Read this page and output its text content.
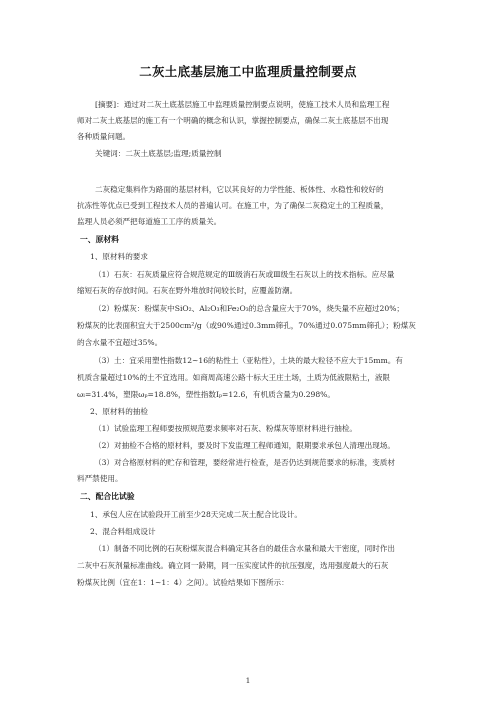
二灰土底基层施工中监理质量控制要点
[摘要]：通过对二灰土底基层施工中监理质量控制要点说明，使施工技术人员和监理工程
师对二灰土底基层的施工有一个明确的概念和认识，掌握控制要点，确保二灰土底基层不出现
各种质量问题。
关键词：二灰土底基层;监理;质量控制
二灰稳定集料作为路面的基层材料，它以其良好的力学性能、板体性、水稳性和较好的
抗冻性等优点已受到工程技术人员的普遍认可。在施工中，为了确保二灰稳定土的工程质量，
监理人员必须严把每道施工工序的质量关。
一、原材料
1、原材料的要求
（1）石灰：石灰质量应符合规范规定的Ⅲ级消石灰或Ⅲ级生石灰以上的技术指标。应尽量
缩短石灰的存放时间。石灰在野外堆放时间较长时，应覆盖防潮。
（2）粉煤灰：粉煤灰中SiO₂、Al₂O₃和Fe₂O₃的总含量应大于70%，烧失量不应超过20%；
粉煤灰的比表面积宜大于2500cm²/g（或90%通过0.3mm筛孔，70%通过0.075mm筛孔）；粉煤灰
的含水量不宜超过35%。
（3）土：宜采用塑性指数12~16的粘性土（亚粘性），土块的最大粒径不应大于15mm。有
机质含量超过10%的土不宜选用。如商周高速公路十标大王庄土场，土质为低液限粘土，液限
ωₗ=31.4%，塑限ωₚ=18.8%，塑性指数Iₚ=12.6，有机质含量为0.298%。
2、原材料的抽检
（1）试验监理工程师要按照规范要求频率对石灰、粉煤灰等原材料进行抽检。
（2）对抽检不合格的原材料，要及时下发监理工程师通知，限期要求承包人清理出现场。
（3）对合格原材料的贮存和管理，要经常进行检查，是否仍达到规范要求的标准，变质材
料严禁使用。
二、配合比试验
1、承包人应在试验段开工前至少28天完成二灰土配合比设计。
2、混合料组成设计
（1）制备不同比例的石灰粉煤灰混合料确定其各自的最佳含水量和最大干密度，同时作出
二灰中石灰剂量标准曲线。确立同一龄期，同一压实度试件的抗压强度，选用强度最大的石灰
粉煤灰比例（宜在1：1~1：4）之间）。试验结果如下图所示：
1
